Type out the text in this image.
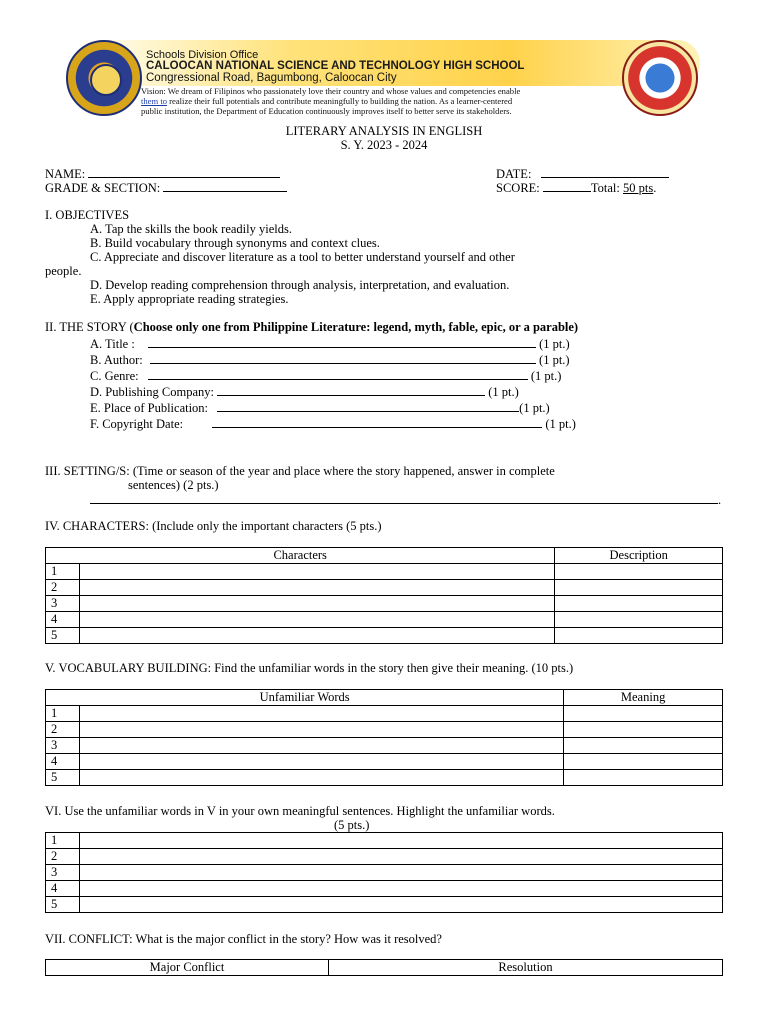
Schools Division Office
CALOOCAN NATIONAL SCIENCE AND TECHNOLOGY HIGH SCHOOL
Congressional Road, Bagumbong, Caloocan City
Vision: We dream of Filipinos who passionately love their country and whose values and competencies enable
them to realize their full potentials and contribute meaningfully to building the nation. As a learner-centered
public institution, the Department of Education continuously improves itself to better serve its stakeholders.
LITERARY ANALYSIS IN ENGLISH
S. Y. 2023 - 2024
NAME:
GRADE & SECTION:
DATE:
SCORE:	Total: 50 pts.
I. OBJECTIVES
A. Tap the skills the book readily yields.
B. Build vocabulary through synonyms and context clues.
C. Appreciate and discover literature as a tool to better understand yourself and other
people.
D. Develop reading comprehension through analysis, interpretation, and evaluation.
E. Apply appropriate reading strategies.
II. THE STORY (Choose only one from Philippine Literature: legend, myth, fable, epic, or a parable)
A. Title :	(1 pt.)
B. Author:	(1 pt.)
C. Genre:	(1 pt.)
D. Publishing Company:	(1 pt.)
E. Place of Publication:	(1 pt.)
F. Copyright Date:	(1 pt.)
III. SETTING/S: (Time or season of the year and place where the story happened, answer in complete
sentences) (2 pts.)
.
IV. CHARACTERS: (Include only the important characters (5 pts.)
Characters		Description
1		
2		
3		
4		
5		
V. VOCABULARY BUILDING: Find the unfamiliar words in the story then give their meaning. (10 pts.)
Unfamiliar Words		Meaning
1		
2		
3		
4		
5		
VI. Use the unfamiliar words in V in your own meaningful sentences. Highlight the unfamiliar words.
(5 pts.)
1	
2	
3	
4	
5	
VII. CONFLICT: What is the major conflict in the story? How was it resolved?
Major Conflict	Resolution
